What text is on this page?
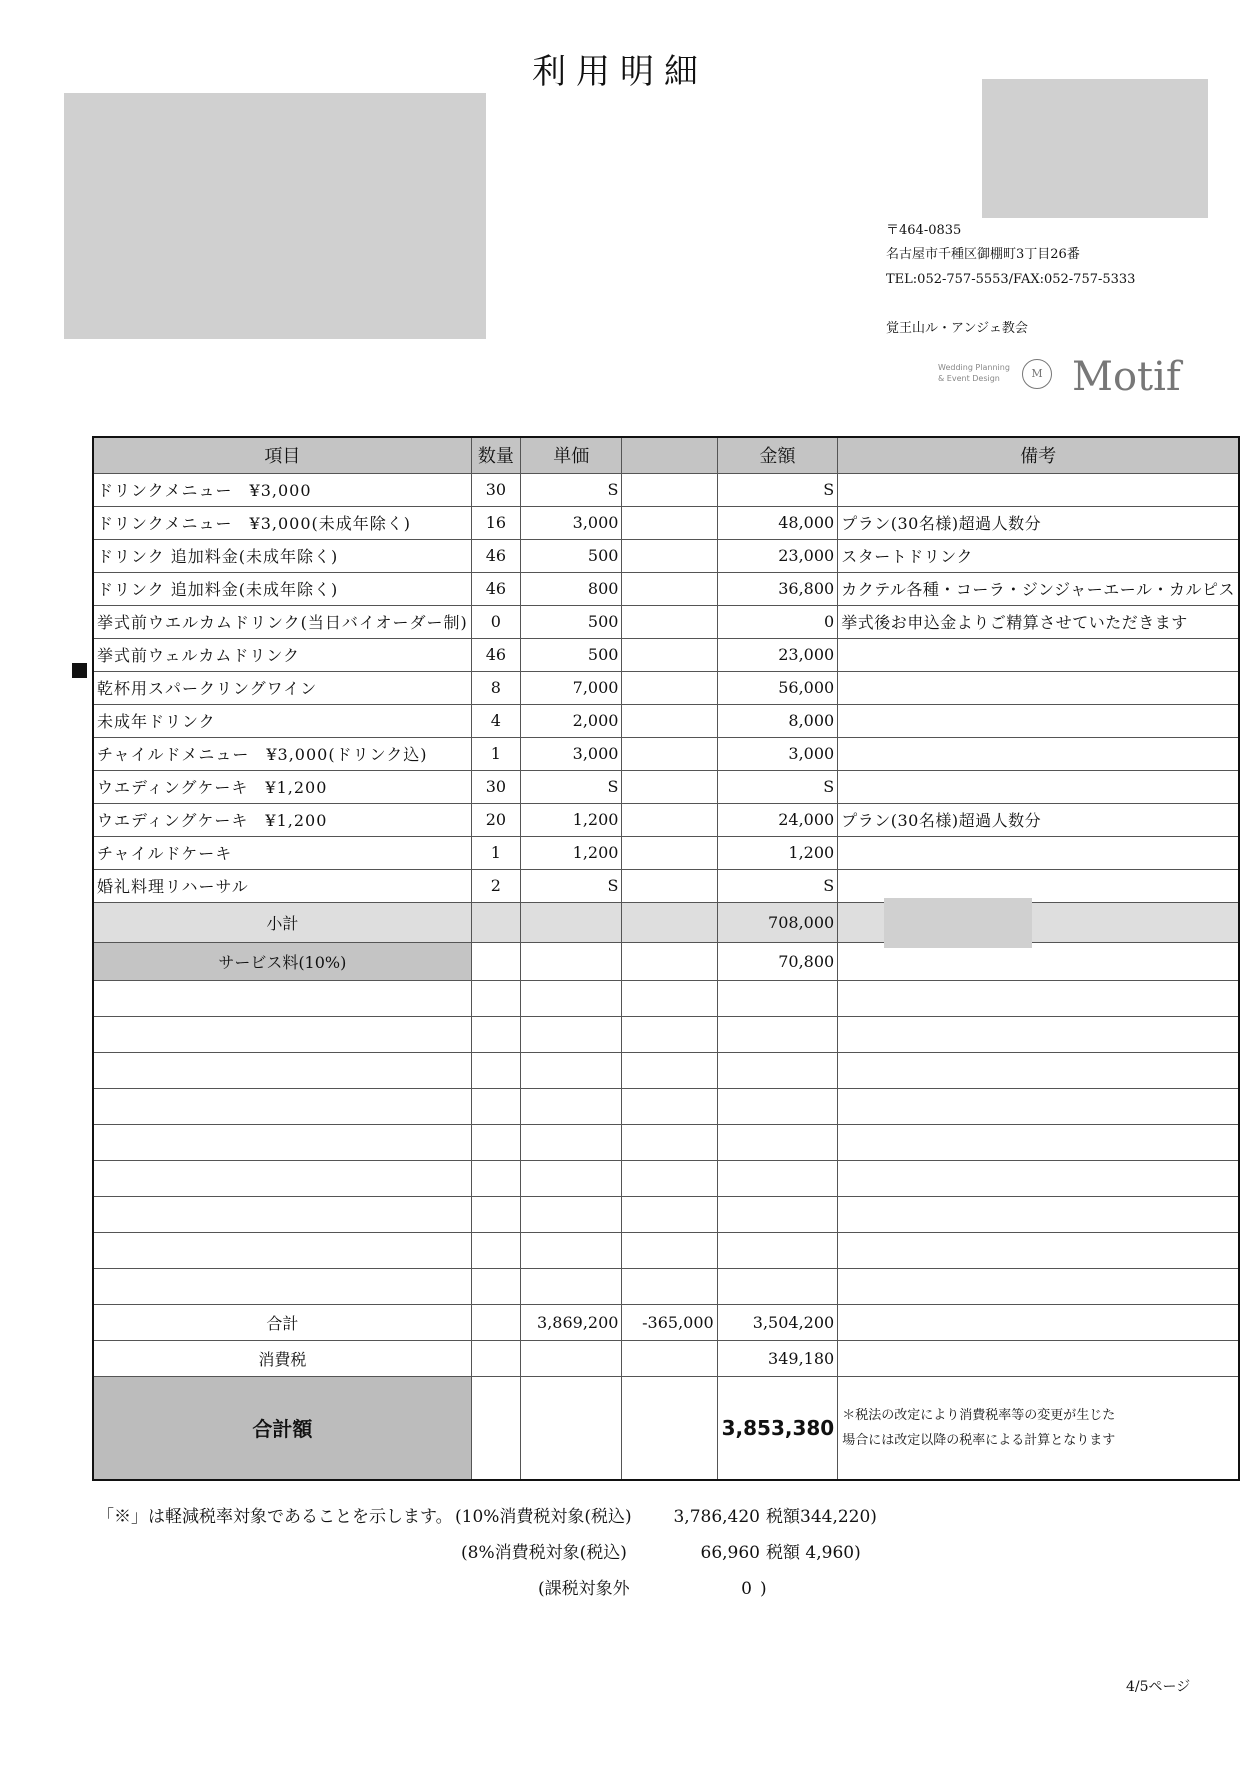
利用明細
〒464-0835
名古屋市千種区御棚町3丁目26番
TEL:052-757-5553/FAX:052-757-5333
覚王山ル・アンジェ教会
Wedding Planning
& Event Design	M Motif
項目	数量	単価		金額	備考
ドリンクメニュー　¥3,000	30	S		S	
ドリンクメニュー　¥3,000(未成年除く)	16	3,000		48,000	プラン(30名様)超過人数分
ドリンク 追加料金(未成年除く)	46	500		23,000	スタートドリンク
ドリンク 追加料金(未成年除く)	46	800		36,800	カクテル各種・コーラ・ジンジャーエール・カルピス
挙式前ウエルカムドリンク(当日バイオーダー制)	0	500		0	挙式後お申込金よりご精算させていただきます
挙式前ウェルカムドリンク	46	500		23,000	
乾杯用スパークリングワイン	8	7,000		56,000	
未成年ドリンク	4	2,000		8,000	
チャイルドメニュー　¥3,000(ドリンク込)	1	3,000		3,000	
ウエディングケーキ　¥1,200	30	S		S	
ウエディングケーキ　¥1,200	20	1,200		24,000	プラン(30名様)超過人数分
チャイルドケーキ	1	1,200		1,200	
婚礼料理リハーサル	2	S		S	
小計				708,000	
サービス料(10%)				70,800	

合計		3,869,200	-365,000	3,504,200	
消費税				349,180	
合計額				3,853,380	＊税法の改定により消費税率等の変更が生じた
場合には改定以降の税率による計算となります
「※」は軽減税率対象であることを示します。 (10%消費税対象(税込) 3,786,420 税額344,220)
(8%消費税対象(税込)	66,960 税額 4,960)
(課税対象外	0 )
4/5ページ
